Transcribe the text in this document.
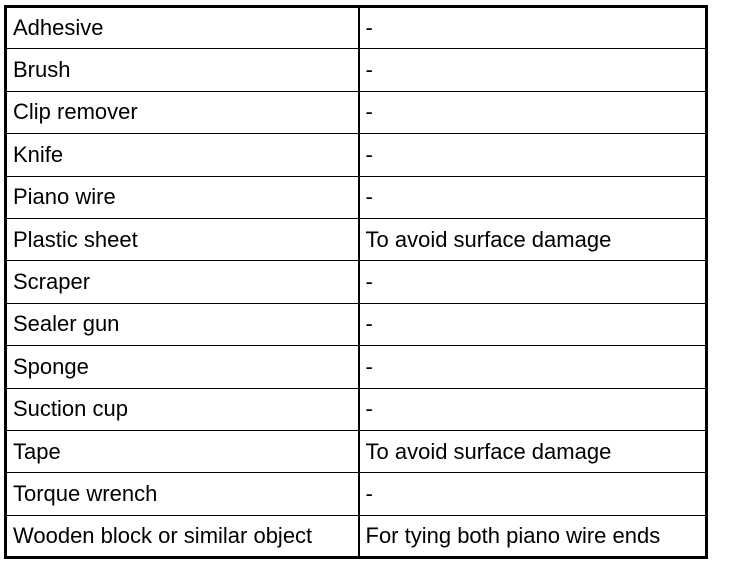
Adhesive	-
Brush	-
Clip remover	-
Knife	-
Piano wire	-
Plastic sheet	To avoid surface damage
Scraper	-
Sealer gun	-
Sponge	-
Suction cup	-
Tape	To avoid surface damage
Torque wrench	-
Wooden block or similar object	For tying both piano wire ends
